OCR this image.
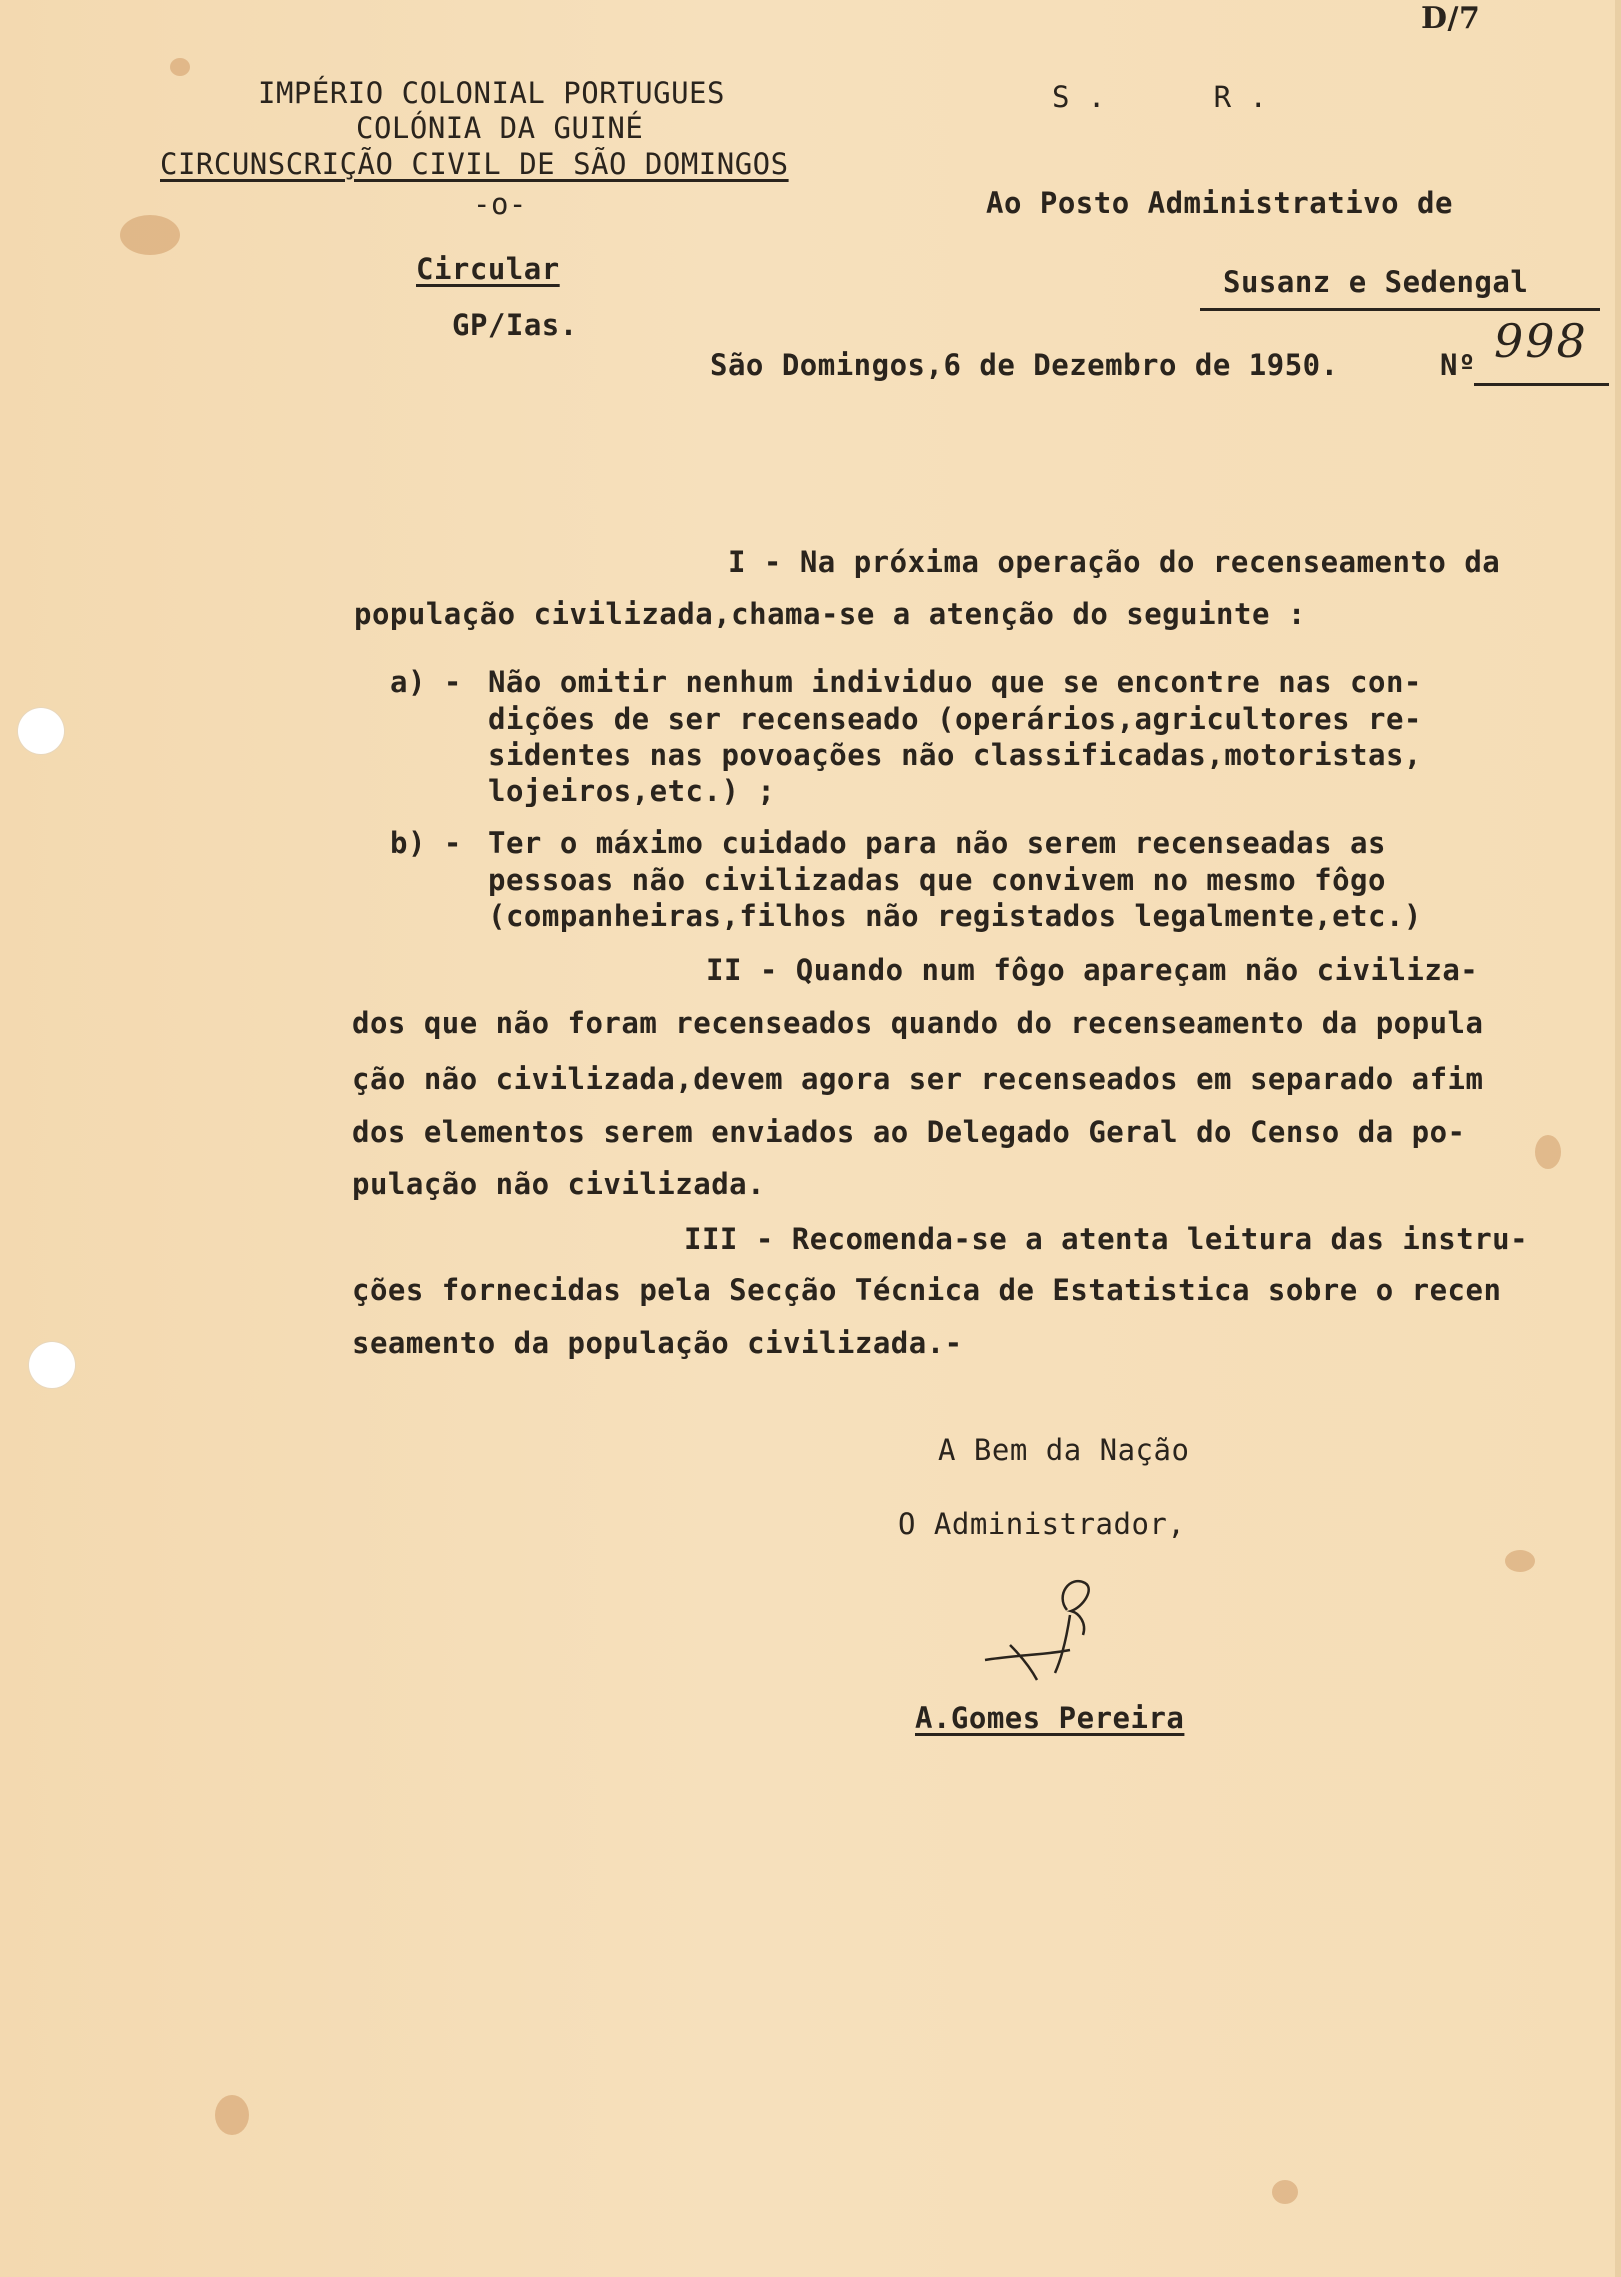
D/7
IMPÉRIO COLONIAL PORTUGUES
COLÓNIA DA GUINÉ
CIRCUNSCRIÇÃO CIVIL DE SÃO DOMINGOS
-o-
S .      R .
Ao Posto Administrativo de
Susanz e Sedengal
Circular
GP/Ias.
São Domingos,6 de Dezembro de 1950.	Nº 998
I - Na próxima operação do recenseamento da
população civilizada,chama-se a atenção do seguinte :
a) - Não omitir nenhum individuo que se encontre nas con-
dições de ser recenseado (operários,agricultores re-
sidentes nas povoações não classificadas,motoristas,
lojeiros,etc.) ;
b) - Ter o máximo cuidado para não serem recenseadas as
pessoas não civilizadas que convivem no mesmo fôgo
(companheiras,filhos não registados legalmente,etc.)
II - Quando num fôgo apareçam não civiliza-
dos que não foram recenseados quando do recenseamento da popula
ção não civilizada,devem agora ser recenseados em separado afim
dos elementos serem enviados ao Delegado Geral do Censo da po-
pulação não civilizada.
III - Recomenda-se a atenta leitura das instru-
ções fornecidas pela Secção Técnica de Estatistica sobre o recen
seamento da população civilizada.-
A Bem da Nação
O Administrador,
A.Gomes Pereira
